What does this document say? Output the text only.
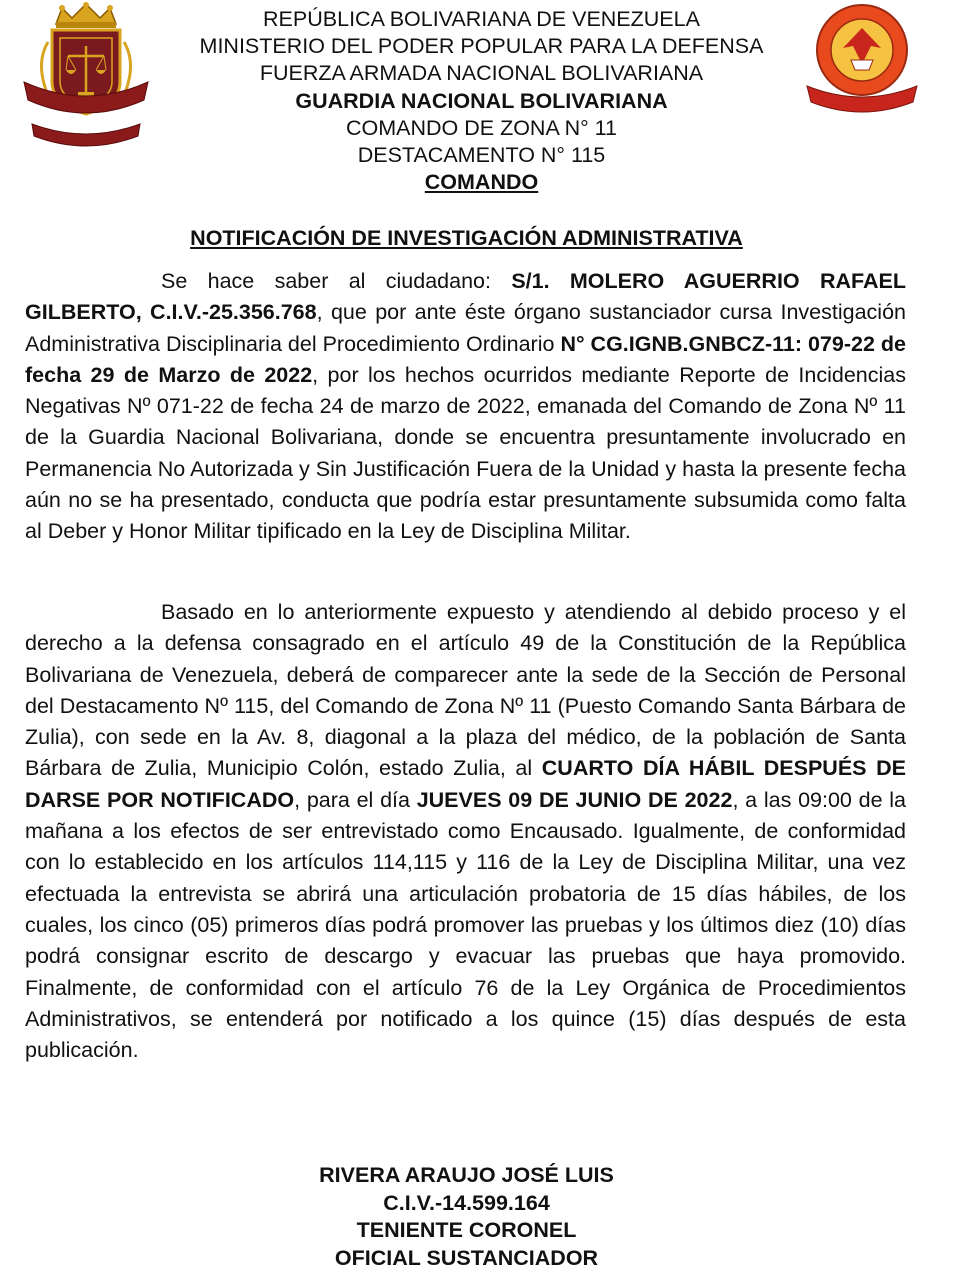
REPÚBLICA BOLIVARIANA DE VENEZUELA
MINISTERIO DEL PODER POPULAR PARA LA DEFENSA
FUERZA ARMADA NACIONAL BOLIVARIANA
GUARDIA NACIONAL BOLIVARIANA
COMANDO DE ZONA N° 11
DESTACAMENTO N° 115
COMANDO
NOTIFICACIÓN DE INVESTIGACIÓN ADMINISTRATIVA
Se hace saber al ciudadano: S/1. MOLERO AGUERRIO RAFAEL GILBERTO, C.I.V.-25.356.768, que por ante éste órgano sustanciador cursa Investigación Administrativa Disciplinaria del Procedimiento Ordinario N° CG.IGNB.GNBCZ-11: 079-22 de fecha 29 de Marzo de 2022, por los hechos ocurridos mediante Reporte de Incidencias Negativas Nº 071-22 de fecha 24 de marzo de 2022, emanada del Comando de Zona Nº 11 de la Guardia Nacional Bolivariana, donde se encuentra presuntamente involucrado en Permanencia No Autorizada y Sin Justificación Fuera de la Unidad y hasta la presente fecha aún no se ha presentado, conducta que podría estar presuntamente subsumida como falta al Deber y Honor Militar tipificado en la Ley de Disciplina Militar.
Basado en lo anteriormente expuesto y atendiendo al debido proceso y el derecho a la defensa consagrado en el artículo 49 de la Constitución de la República Bolivariana de Venezuela, deberá de comparecer ante la sede de la Sección de Personal del Destacamento Nº 115, del Comando de Zona Nº 11 (Puesto Comando Santa Bárbara de Zulia), con sede en la Av. 8, diagonal a la plaza del médico, de la población de Santa Bárbara de Zulia, Municipio Colón, estado Zulia, al CUARTO DÍA HÁBIL DESPUÉS DE DARSE POR NOTIFICADO, para el día JUEVES 09 DE JUNIO DE 2022, a las 09:00 de la mañana a los efectos de ser entrevistado como Encausado. Igualmente, de conformidad con lo establecido en los artículos 114,115 y 116 de la Ley de Disciplina Militar, una vez efectuada la entrevista se abrirá una articulación probatoria de 15 días hábiles, de los cuales, los cinco (05) primeros días podrá promover las pruebas y los últimos diez (10) días podrá consignar escrito de descargo y evacuar las pruebas que haya promovido. Finalmente, de conformidad con el artículo 76 de la Ley Orgánica de Procedimientos Administrativos, se entenderá por notificado a los quince (15) días después de esta publicación.
RIVERA ARAUJO JOSÉ LUIS
C.I.V.-14.599.164
TENIENTE CORONEL
OFICIAL SUSTANCIADOR
